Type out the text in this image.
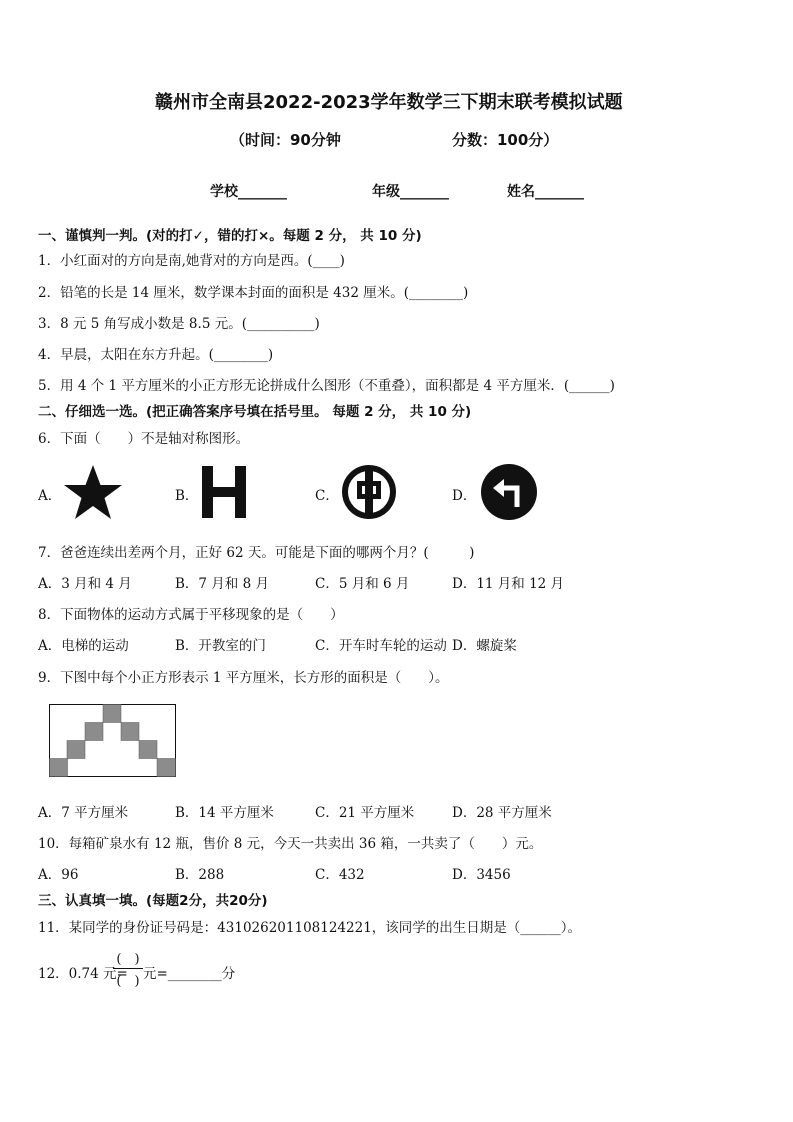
赣州市全南县2022-2023学年数学三下期末联考模拟试题
（时间：90分钟	分数：100分）
学校_______	年级_______	姓名_______
一、谨慎判一判。(对的打✓，错的打×。每题 2 分， 共 10 分)
1．小红面对的方向是南,她背对的方向是西。(____)
2．铅笔的长是 14 厘米，数学课本封面的面积是 432 厘米。(________)
3．8 元 5 角写成小数是 8.5 元。(__________)
4．早晨，太阳在东方升起。(________)
5．用 4 个 1 平方厘米的小正方形无论拼成什么图形（不重叠），面积都是 4 平方厘米．(______)
二、仔细选一选。(把正确答案序号填在括号里。 每题 2 分， 共 10 分)
6．下面（　　）不是轴对称图形。
A．	B．	C．	D．
7．爸爸连续出差两个月，正好 62 天。可能是下面的哪两个月？(　　　)
A．3 月和 4 月	B．7 月和 8 月	C．5 月和 6 月	D．11 月和 12 月
8．下面物体的运动方式属于平移现象的是（　　）
A．电梯的运动	B．开教室的门	C．开车时车轮的运动 D．螺旋桨
9．下图中每个小正方形表示 1 平方厘米，长方形的面积是（　　）。
A．7 平方厘米	B．14 平方厘米	C．21 平方厘米	D．28 平方厘米
10．每箱矿泉水有 12 瓶，售价 8 元，今天一共卖出 36 箱，一共卖了（　　）元。
A．96	B．288	C．432	D．3456
三、认真填一填。(每题2分，共20分)
11．某同学的身份证号码是：431026201108124221，该同学的出生日期是（______）。
12．0.74 元=
(　)
(　) 元=________分
